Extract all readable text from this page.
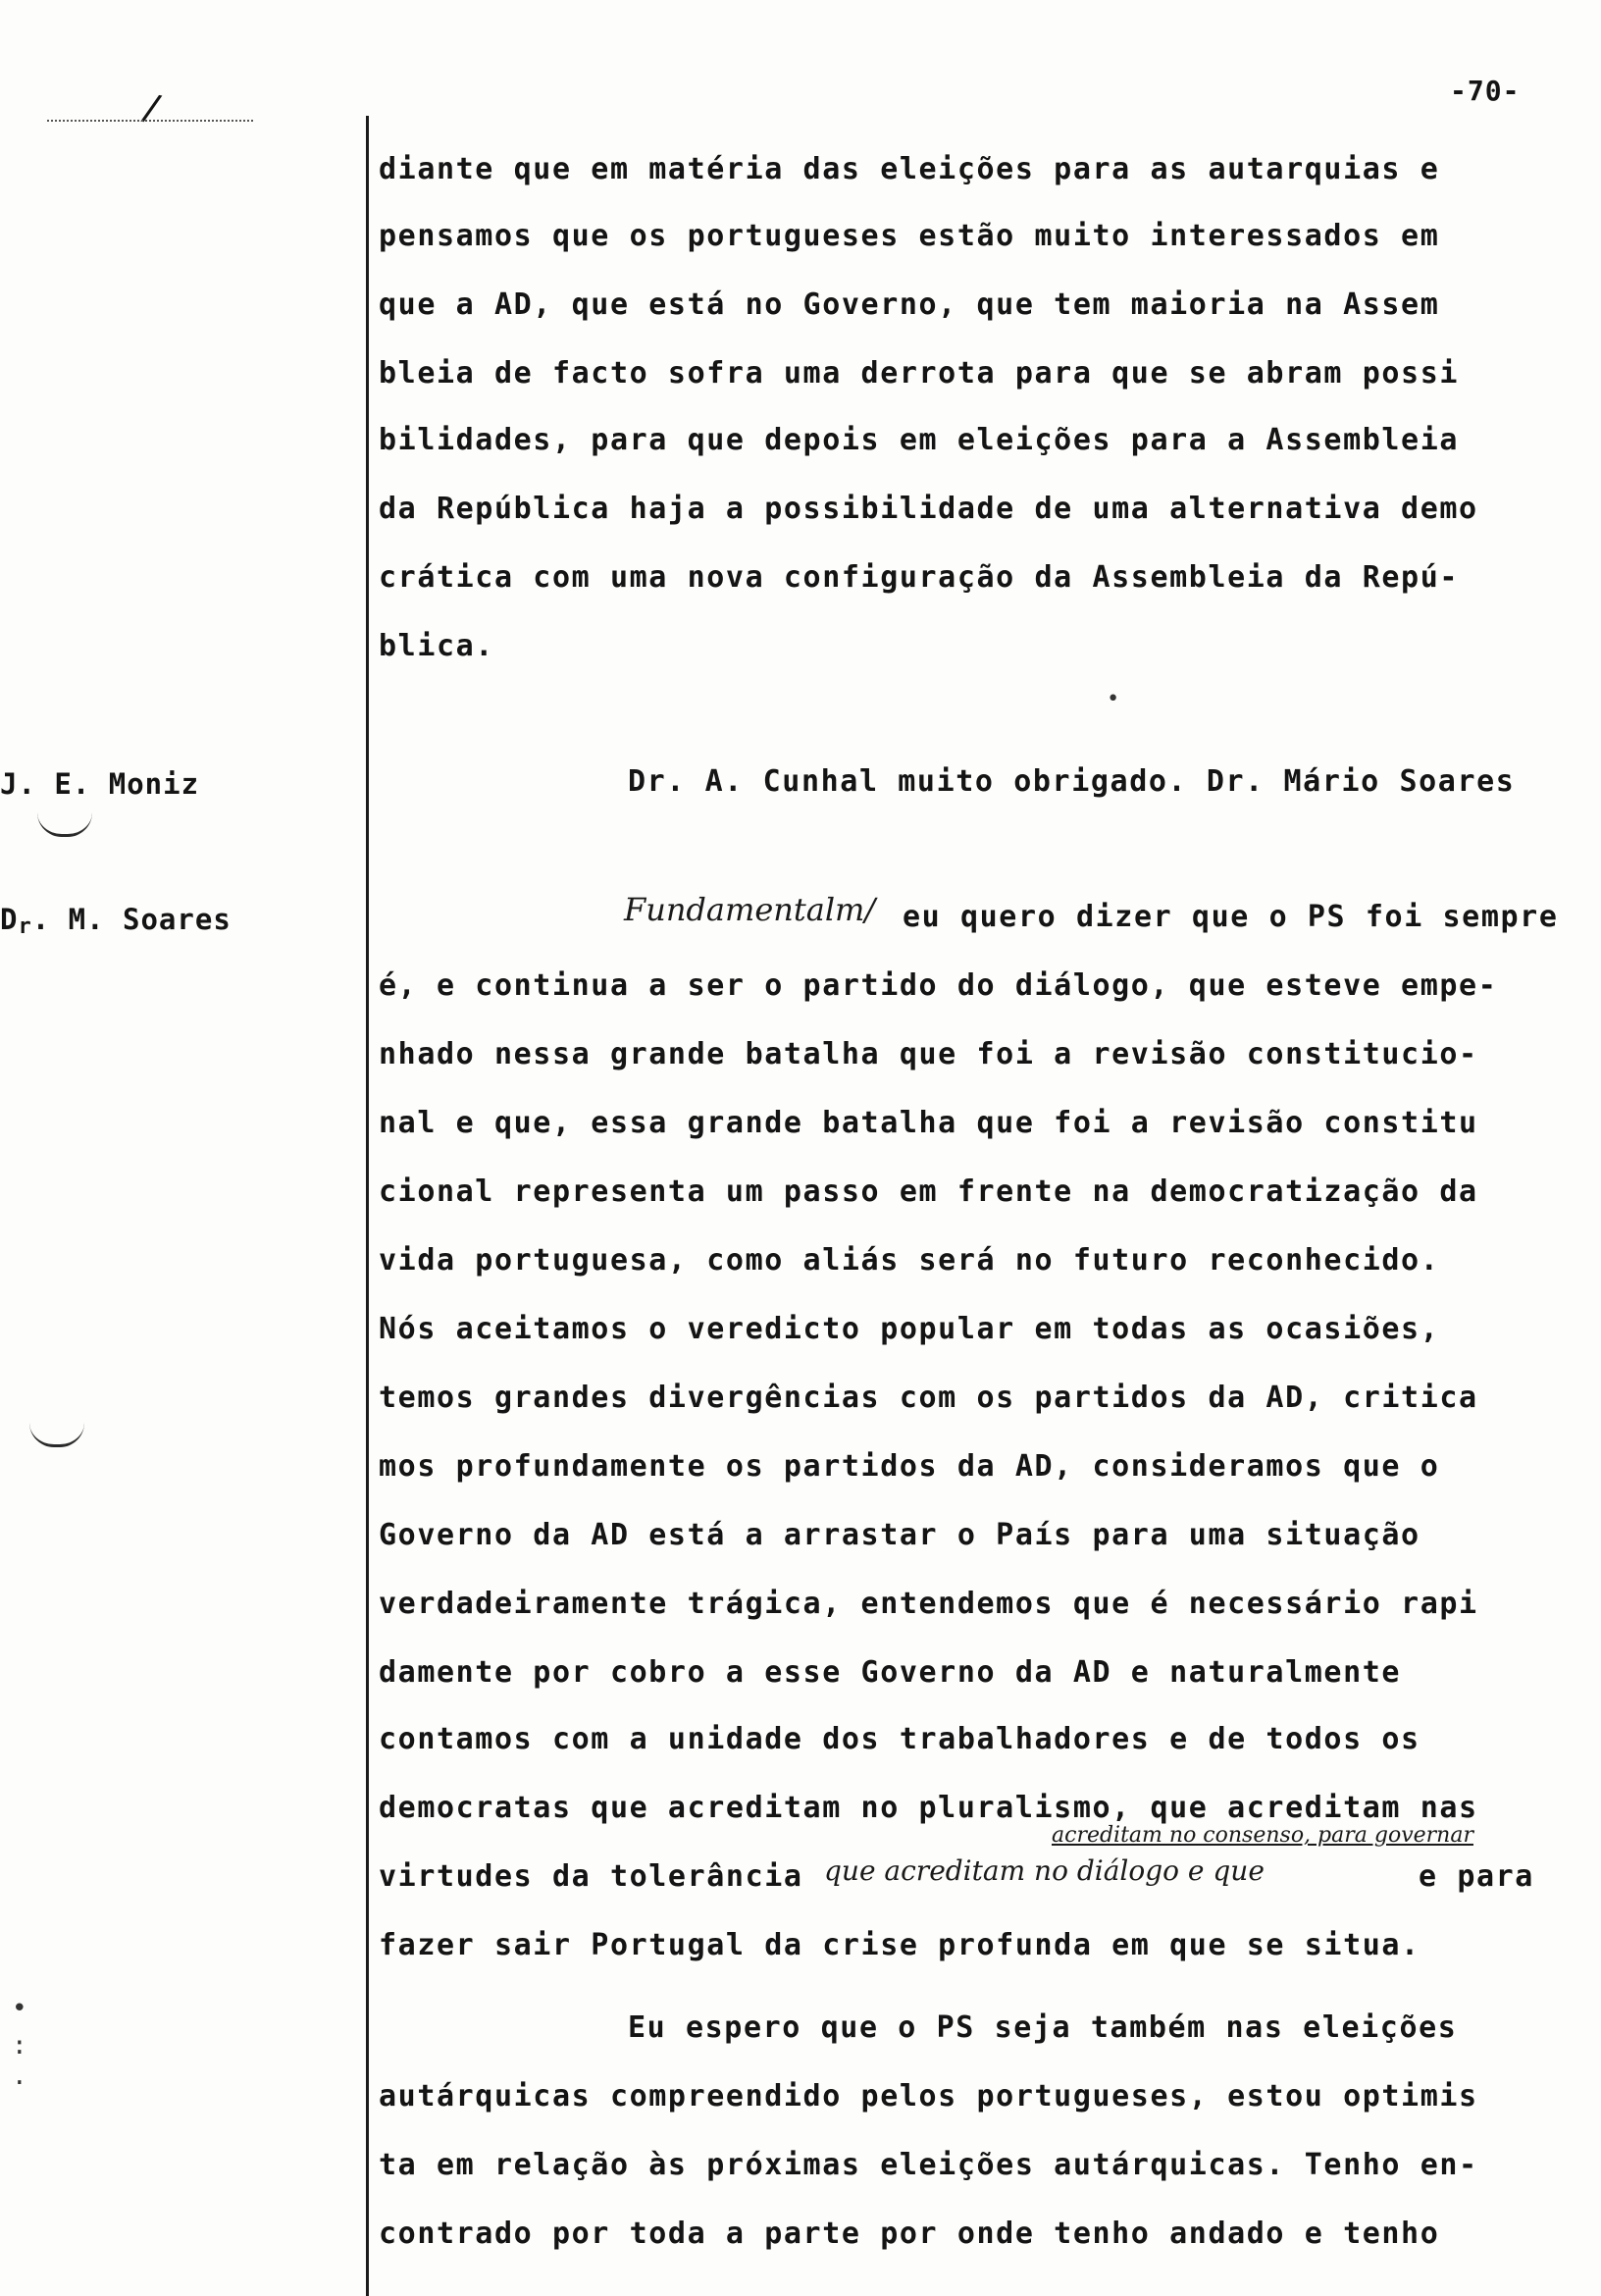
/	-70-
J. E. Moniz
$D_r$. M. Soares
•
:
·
diante que em matéria das eleições para as autarquias e
pensamos que os portugueses estão muito interessados em
que a AD, que está no Governo, que tem maioria na Assem
bleia de facto sofra uma derrota para que se abram possi
bilidades, para que depois em eleições para a Assembleia
da República haja a possibilidade de uma alternativa demo
crática com uma nova configuração da Assembleia da Repú-
blica.
•
Dr. A. Cunhal muito obrigado. Dr. Mário Soares
Fundamentalm/ eu quero dizer que o PS foi sempre
é, e continua a ser o partido do diálogo, que esteve empe-
nhado nessa grande batalha que foi a revisão constitucio-
nal e que, essa grande batalha que foi a revisão constitu
cional representa um passo em frente na democratização da
vida portuguesa, como aliás será no futuro reconhecido.
Nós aceitamos o veredicto popular em todas as ocasiões,
temos grandes divergências com os partidos da AD, critica
mos profundamente os partidos da AD, consideramos que o
Governo da AD está a arrastar o País para uma situação
verdadeiramente trágica, entendemos que é necessário rapi
damente por cobro a esse Governo da AD e naturalmente
contamos com a unidade dos trabalhadores e de todos os
democratas que acreditam no pluralismo, que acreditam nas
acreditam no consenso, para governar
virtudes da tolerância que acreditam no diálogo e que	e para
fazer sair Portugal da crise profunda em que se situa.
Eu espero que o PS seja também nas eleições
autárquicas compreendido pelos portugueses, estou optimis
ta em relação às próximas eleições autárquicas. Tenho en-
contrado por toda a parte por onde tenho andado e tenho
